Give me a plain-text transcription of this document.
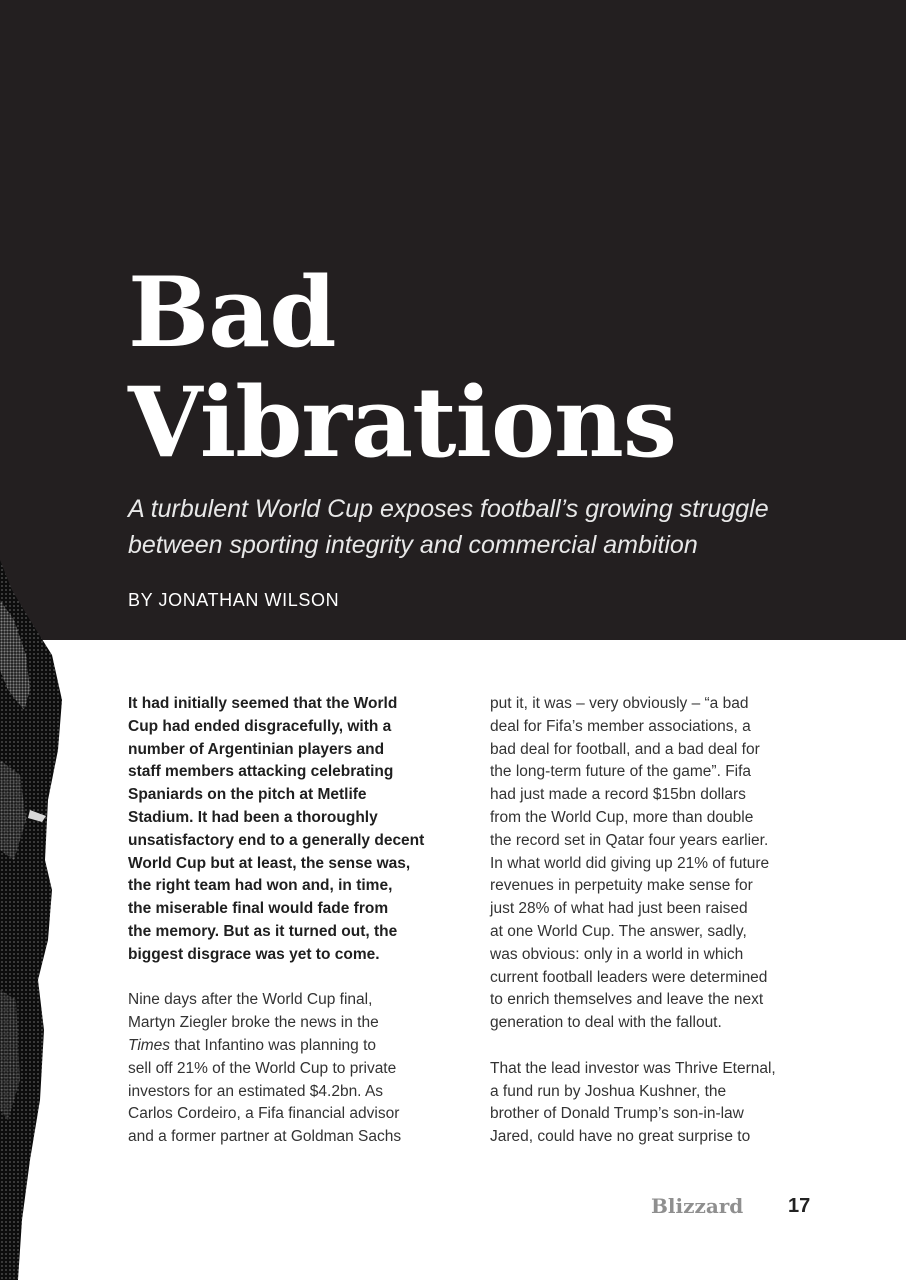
Bad
Vibrations

A turbulent World Cup exposes football’s growing struggle
between sporting integrity and commercial ambition

BY JONATHAN WILSON

It had initially seemed that the World
Cup had ended disgracefully, with a
number of Argentinian players and
staff members attacking celebrating
Spaniards on the pitch at Metlife
Stadium. It had been a thoroughly
unsatisfactory end to a generally decent
World Cup but at least, the sense was,
the right team had won and, in time,
the miserable final would fade from
the memory. But as it turned out, the
biggest disgrace was yet to come.

Nine days after the World Cup final,
Martyn Ziegler broke the news in the
Times that Infantino was planning to
sell off 21% of the World Cup to private
investors for an estimated $4.2bn. As
Carlos Cordeiro, a Fifa financial advisor
and a former partner at Goldman Sachs

put it, it was – very obviously – “a bad
deal for Fifa’s member associations, a
bad deal for football, and a bad deal for
the long-term future of the game”. Fifa
had just made a record $15bn dollars
from the World Cup, more than double
the record set in Qatar four years earlier.
In what world did giving up 21% of future
revenues in perpetuity make sense for
just 28% of what had just been raised
at one World Cup. The answer, sadly,
was obvious: only in a world in which
current football leaders were determined
to enrich themselves and leave the next
generation to deal with the fallout.

That the lead investor was Thrive Eternal,
a fund run by Joshua Kushner, the
brother of Donald Trump’s son-in-law
Jared, could have no great surprise to

Blizzard 17
